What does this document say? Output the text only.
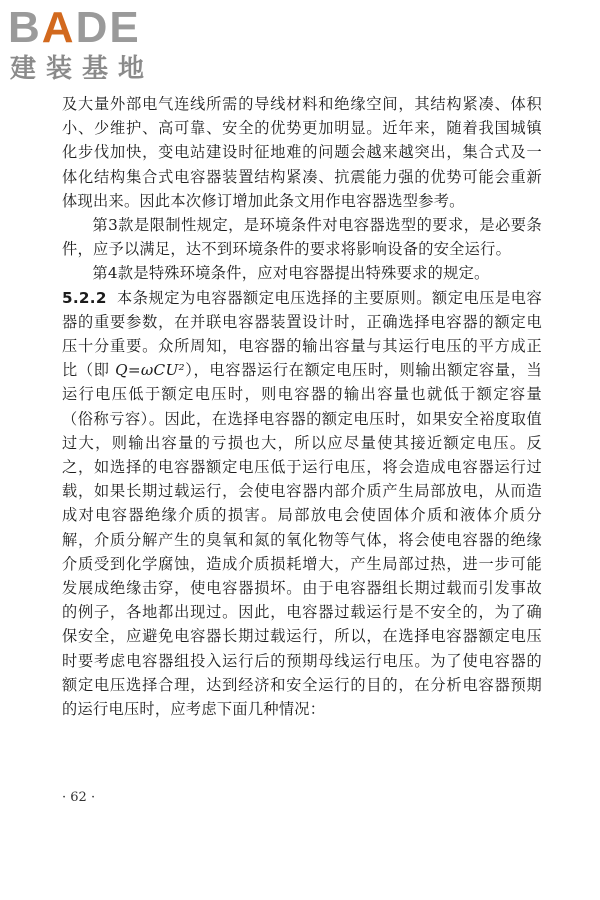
BADE
建装基地

及大量外部电气连线所需的导线材料和绝缘空间，其结构紧凑、体积小、少维护、高可靠、安全的优势更加明显。近年来，随着我国城镇化步伐加快，变电站建设时征地难的问题会越来越突出，集合式及一体化结构集合式电容器装置结构紧凑、抗震能力强的优势可能会重新体现出来。因此本次修订增加此条文用作电容器选型参考。

第3款是限制性规定，是环境条件对电容器选型的要求，是必要条件，应予以满足，达不到环境条件的要求将影响设备的安全运行。

第4款是特殊环境条件，应对电容器提出特殊要求的规定。

5.2.2 本条规定为电容器额定电压选择的主要原则。额定电压是电容器的重要参数，在并联电容器装置设计时，正确选择电容器的额定电压十分重要。众所周知，电容器的输出容量与其运行电压的平方成正比（即 Q=ωCU²），电容器运行在额定电压时，则输出额定容量，当运行电压低于额定电压时，则电容器的输出容量也就低于额定容量（俗称亏容）。因此，在选择电容器的额定电压时，如果安全裕度取值过大，则输出容量的亏损也大，所以应尽量使其接近额定电压。反之，如选择的电容器额定电压低于运行电压，将会造成电容器运行过载，如果长期过载运行，会使电容器内部介质产生局部放电，从而造成对电容器绝缘介质的损害。局部放电会使固体介质和液体介质分解，介质分解产生的臭氧和氮的氧化物等气体，将会使电容器的绝缘介质受到化学腐蚀，造成介质损耗增大，产生局部过热，进一步可能发展成绝缘击穿，使电容器损坏。由于电容器组长期过载而引发事故的例子，各地都出现过。因此，电容器过载运行是不安全的，为了确保安全，应避免电容器长期过载运行，所以，在选择电容器额定电压时要考虑电容器组投入运行后的预期母线运行电压。为了使电容器的额定电压选择合理，达到经济和安全运行的目的，在分析电容器预期的运行电压时，应考虑下面几种情况：

· 62 ·
